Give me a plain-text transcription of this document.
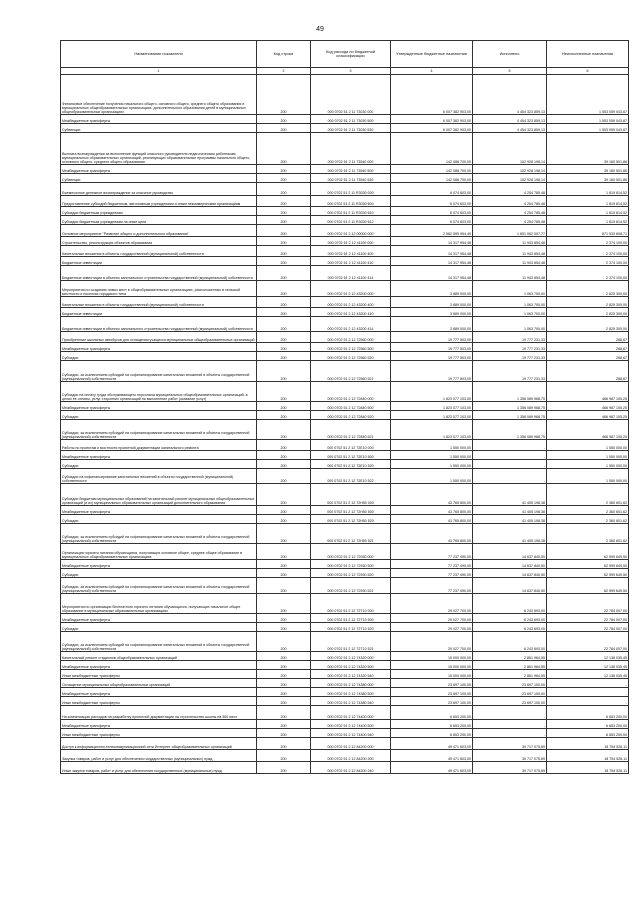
49
Наименование показателя	Код строки	Код расхода по бюджетной классификации	Утвержденные бюджетные назначения	Исполнено	Неисполненные назначения
1	2	3	4	5	6
Финансовое обеспечение получения начального общего, основного общего, среднего общего образования в муниципальных общеобразовательных организациях, дополнительного образования детей в муниципальных общеобразовательных организациях	200	000 0702 51 2 11 73030 000	6 007 382 903,00	4 454 323 859,13	1 553 059 043,87
Межбюджетные трансферты	200	000 0702 51 2 11 73030 500	6 007 382 903,00	4 454 323 859,13	1 553 059 043,87
Субвенции	200	000 0702 51 2 11 73030 530	6 007 382 903,00	4 454 323 859,13	1 553 059 043,87
Выплата вознаграждения за выполнение функций классного руководителя педагогическим работникам муниципальных образовательных организаций, реализующих образовательные программы начального общего, основного общего, среднего общего образования	200	000 0702 51 2 11 73540 000	142 088 700,00	102 928 198,14	39 160 501,86
Межбюджетные трансферты	200	000 0702 51 2 11 73540 500	142 088 700,00	102 928 198,14	39 160 501,86
Субвенции	200	000 0702 51 2 11 73540 530	142 088 700,00	102 928 198,14	39 160 501,86
Ежемесячное денежное вознаграждение за классное руководство	200	000 0702 51 2 11 R3030 000	6 074 603,00	4 254 785,48	1 819 814,52
Предоставление субсидий бюджетным, автономным учреждениям и иным некоммерческим организациям	200	000 0702 51 2 11 R3030 600	6 074 603,00	4 254 785,48	1 819 814,52
Субсидии бюджетным учреждениям	200	000 0702 51 2 11 R3030 610	6 074 603,00	4 254 785,48	1 819 814,52
Субсидии бюджетным учреждениям на иные цели	200	000 0702 51 2 11 R3030 612	6 074 603,00	4 254 785,48	1 819 814,52
Основное мероприятие "Развитие общего и дополнительного образования"	200	000 0702 51 2 12 00000 000	2 562 595 954,49	1 651 062 007,77	871 533 608,71
Строительство, реконструкция объектов образования	200	000 0702 51 2 12 41100 000	14 317 954,48	11 943 854,48	2 374 100,00
Капитальные вложения в объекты государственной (муниципальной) собственности	200	000 0702 51 2 12 41100 400	14 317 954,48	11 943 854,48	2 374 100,00
Бюджетные инвестиции	200	000 0702 51 2 12 41100 410	14 317 954,48	11 943 854,48	2 374 100,00
Бюджетные инвестиции в объекты капитального строительства государственной (муниципальной) собственности	200	000 0702 51 2 12 41100 414	14 317 954,48	11 943 854,48	2 374 100,00
Мероприятия по созданию новых мест в общеобразовательных организациях, расположенных в сельской местности и поселках городского типа	200	000 0702 51 2 12 43200 000	3 889 000,00	1 063 700,00	2 825 300,00
Капитальные вложения в объекты государственной (муниципальной) собственности	200	000 0702 51 2 12 43200 400	3 889 000,00	1 063 700,00	2 825 300,00
Бюджетные инвестиции	200	000 0702 51 2 12 43200 410	3 889 000,00	1 063 700,00	2 825 300,00
Бюджетные инвестиции в объекты капитального строительства государственной (муниципальной) собственности	200	000 0702 51 2 12 43200 414	3 889 000,00	1 063 700,00	2 825 300,00
Приобретение школьных автобусов для оснащения учащихся муниципальных общеобразовательных организаций	200	000 0702 51 2 12 72560 000	19 777 503,00	19 777 231,33	268,67
Межбюджетные трансферты	200	000 0702 51 2 12 72560 500	19 777 503,00	19 777 231,33	268,67
Субсидии	200	000 0702 51 2 12 72560 520	19 777 503,00	19 777 231,33	268,67
Субсидии, за исключением субсидий на софинансирование капитальных вложений в объекты государственной (муниципальной) собственности	200	000 0702 51 2 12 72560 521	19 777 503,00	19 777 231,33	268,67
Субсидии на оплату труда обслуживающего персонала муниципальных общеобразовательных организаций, в целях ее оплаты, услуг сторонних организаций на выполнение работ (оказание услуг)	200	000 0702 51 2 12 72840 000	1 823 077 103,00	1 356 089 968,75	466 987 105,25
Межбюджетные трансферты	200	000 0702 51 2 12 72840 500	1 823 077 103,00	1 356 089 968,75	466 987 105,25
Субсидии	200	000 0702 51 2 12 72840 520	1 823 077 103,00	1 356 089 968,75	466 987 105,25
Субсидии, за исключением субсидий на софинансирование капитальных вложений в объекты государственной (муниципальной) собственности	200	000 0702 51 2 12 72840 521	1 823 077 103,00	1 356 089 968,75	466 987 105,25
Работы по проектам и мостности проектной документации капитального ремонта	200	000 0702 51 2 12 72E10 000	1 550 000,00	-	1 550 000,00
Межбюджетные трансферты	200	000 0702 51 2 12 72E10 500	1 550 000,00	-	1 550 000,00
Субсидии	200	000 0702 51 2 12 72E10 520	1 550 000,00	-	1 550 000,00
Субсидии на софинансирование капитальных вложений в объекты государственной (муниципальной) собственности	200	000 0702 51 2 12 72E10 522	1 550 000,00	-	1 550 000,00
Субсидии бюджетам муниципальных образований на капитальный ремонт муниципальных общеобразовательных организаций (и их) муниципальных образовательных организаций дополнительного образования	200	000 0702 51 2 12 72H50 000	43 765 800,00	41 405 198,38	2 360 601,62
Межбюджетные трансферты	200	000 0702 51 2 12 72H50 500	43 765 800,00	41 405 198,38	2 360 601,62
Субсидии	200	000 0702 51 2 12 72H50 520	43 765 800,00	41 405 198,38	2 360 601,62
Субсидии, за исключением субсидий на софинансирование капитальных вложений в объекты государственной (муниципальной) собственности	200	000 0702 51 2 12 72H50 521	43 765 800,00	41 405 198,38	2 360 601,62
Организация горячего питания обучающихся, получающих основное общее, среднее общее образование в муниципальных общеобразовательных организациях	200	000 0702 51 2 12 72930 000	77 237 490,00	14 637 840,50	62 599 649,50
Межбюджетные трансферты	200	000 0702 51 2 12 72930 500	77 237 490,00	14 637 840,50	62 599 649,50
Субсидии	200	000 0702 51 2 12 72930 520	77 237 490,00	14 637 840,50	62 599 649,50
Субсидии, за исключением субсидий на софинансирование капитальных вложений в объекты государственной (муниципальной) собственности	200	000 0702 51 2 12 72930 521	77 237 490,00	14 637 840,50	62 599 649,50
Мероприятия по организации бесплатного горячего питания обучающихся, получающих начальное общее образование в муниципальных образовательных организациях	200	000 0702 51 2 12 72T10 000	29 027 700,00	6 243 693,00	22 784 007,00
Межбюджетные трансферты	200	000 0702 51 2 12 72T10 500	29 027 700,00	6 243 693,00	22 784 007,00
Субсидии	200	000 0702 51 2 12 72T10 520	29 027 700,00	6 243 693,00	22 784 007,00
Субсидии, за исключением субсидий на софинансирование капитальных вложений в объекты государственной (муниципальной) собственности	200	000 0702 51 2 12 72T10 521	29 027 700,00	6 243 693,00	22 784 007,00
Капитальный ремонт стадионов общеобразовательных организаций	200	000 0702 51 2 12 74320 000	15 000 000,00	2 861 964,55	12 138 035,45
Межбюджетные трансферты	200	000 0702 51 2 12 74320 500	15 000 000,00	2 861 964,55	12 138 035,45
Иные межбюджетные трансферты	200	000 0702 51 2 12 74320 540	15 000 000,00	2 861 964,55	12 138 035,45
Оснащение муниципальных общеобразовательных организаций	200	000 0702 51 2 12 74380 000	23 697 100,00	23 697 100,00	-
Межбюджетные трансферты	200	000 0702 51 2 12 74380 500	23 697 100,00	23 697 100,00	-
Иные межбюджетные трансферты	200	000 0702 51 2 12 74380 540	23 697 100,00	23 697 100,00	-
На компенсацию расходов на разработку проектной документации на строительство школы на 360 мест	200	000 0702 51 2 12 74400 000	6 653 200,00	-	6 653 200,00
Межбюджетные трансферты	200	000 0702 51 2 12 74400 500	6 653 200,00	-	6 653 200,00
Иные межбюджетные трансферты	200	000 0702 51 2 12 74400 540	6 653 200,00	-	6 653 200,00
Доступ к информационно-телекоммуникационной сети Интернет общеобразовательных организаций	200	000 0702 51 2 12 84200 000	49 471 603,00	30 717 075,89	18 754 526,11
Закупка товаров, работ и услуг для обеспечения государственных (муниципальных) нужд	200	000 0702 51 2 12 84200 200	49 471 603,00	30 717 075,89	18 754 526,11
Иные закупки товаров, работ и услуг для обеспечения государственных (муниципальных) нужд	200	000 0702 51 2 12 84200 240	49 471 603,00	30 717 075,89	18 754 526,11
